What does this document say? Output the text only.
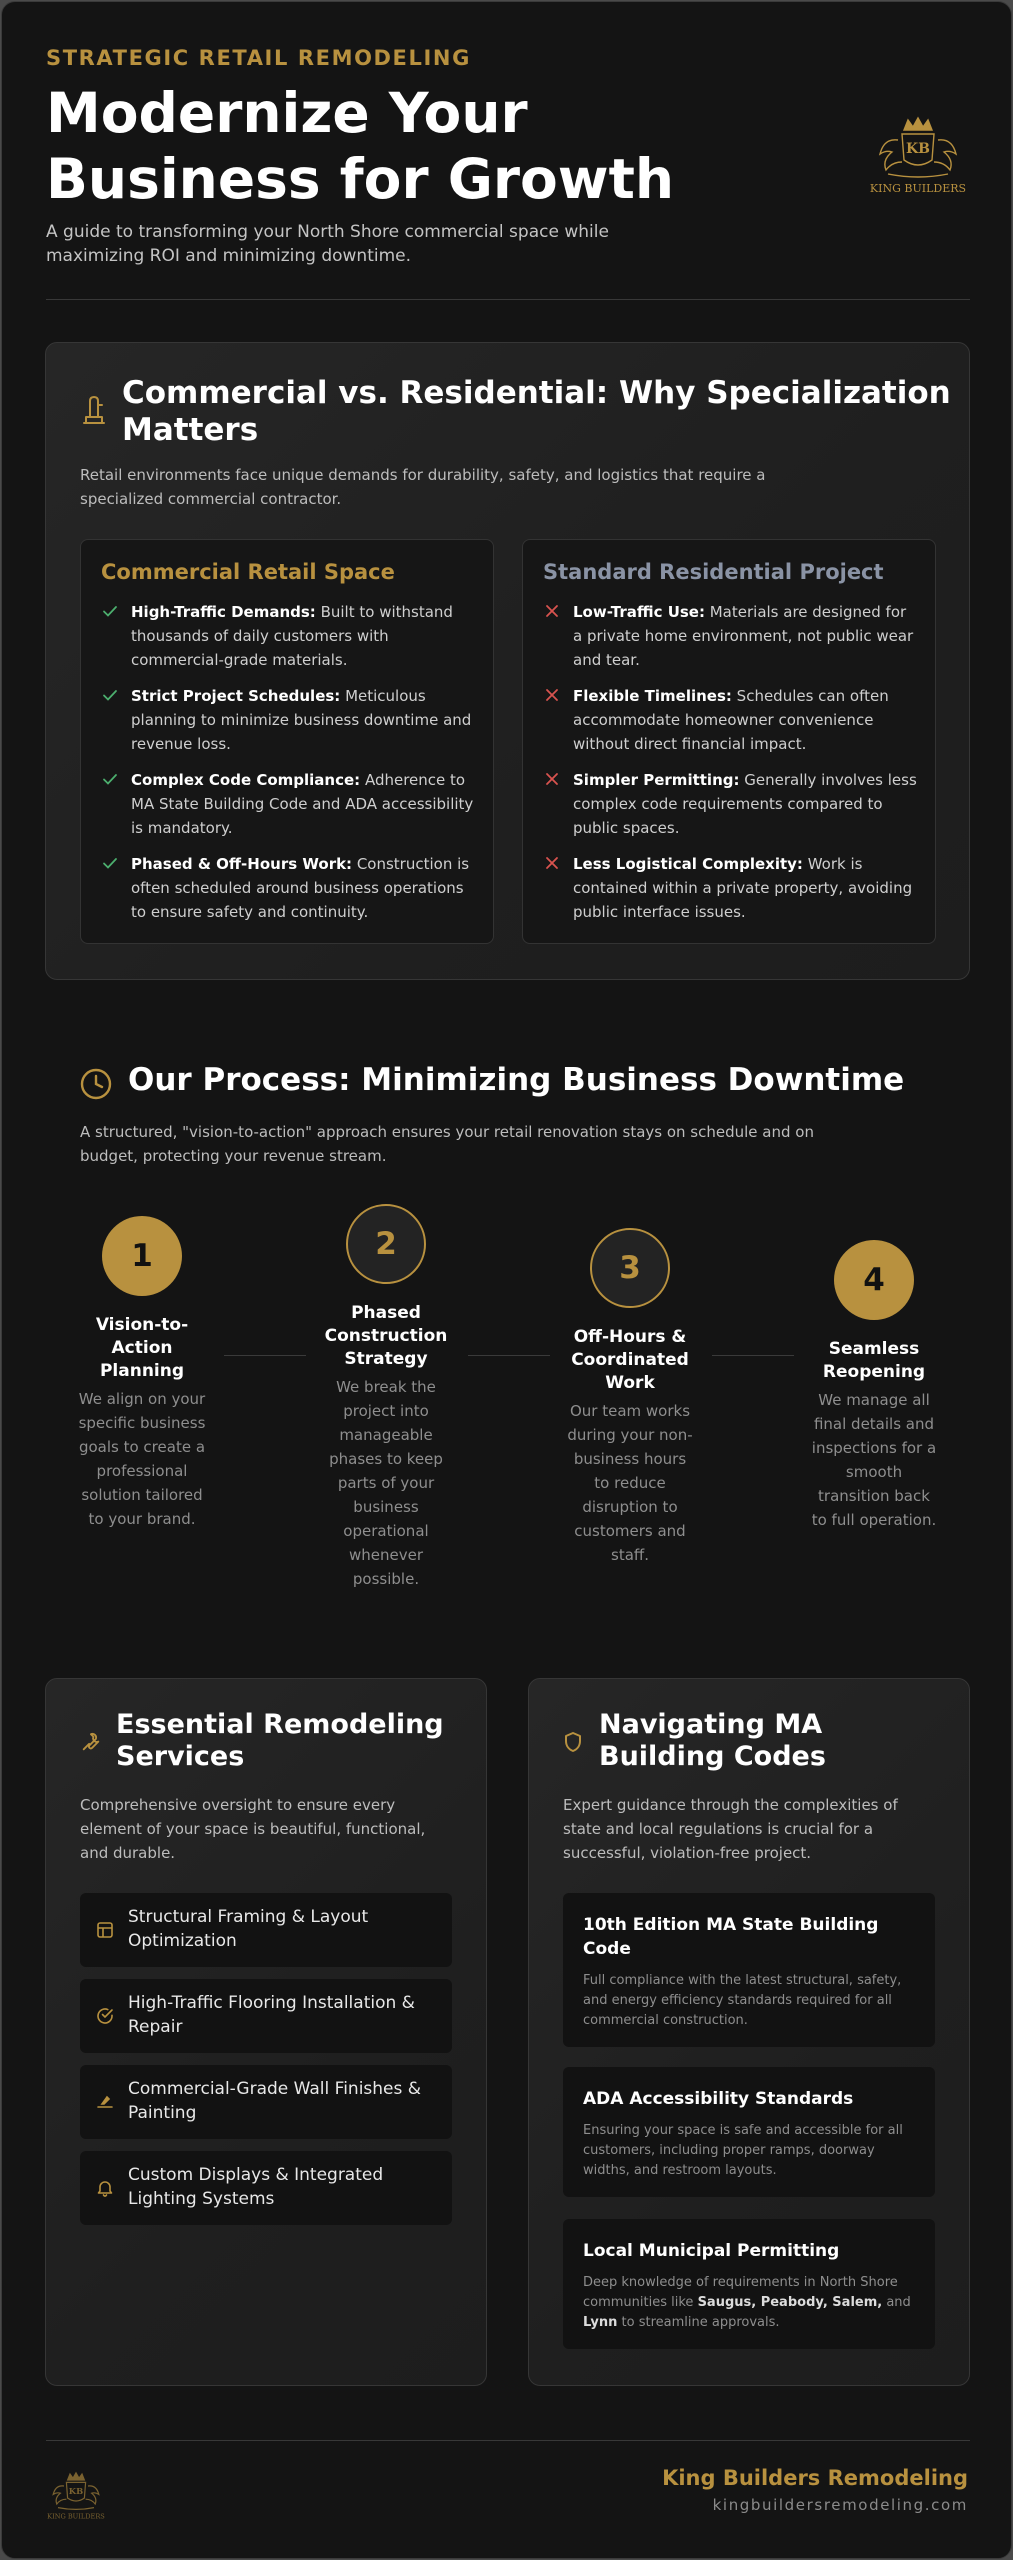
STRATEGIC RETAIL REMODELING
Modernize Your Business for Growth
A guide to transforming your North Shore commercial space while maximizing ROI and minimizing downtime.
KB
KING BUILDERS
Commercial vs. Residential: Why Specialization Matters
Retail environments face unique demands for durability, safety, and logistics that require a specialized commercial contractor.
Commercial Retail Space
High-Traffic Demands: Built to withstand thousands of daily customers with commercial-grade materials.
Strict Project Schedules: Meticulous planning to minimize business downtime and revenue loss.
Complex Code Compliance: Adherence to MA State Building Code and ADA accessibility is mandatory.
Phased & Off-Hours Work: Construction is often scheduled around business operations to ensure safety and continuity.
Standard Residential Project
Low-Traffic Use: Materials are designed for a private home environment, not public wear and tear.
Flexible Timelines: Schedules can often accommodate homeowner convenience without direct financial impact.
Simpler Permitting: Generally involves less complex code requirements compared to public spaces.
Less Logistical Complexity: Work is contained within a private property, avoiding public interface issues.
Our Process: Minimizing Business Downtime
A structured, "vision-to-action" approach ensures your retail renovation stays on schedule and on budget, protecting your revenue stream.
1
Vision-to-Action Planning
We align on your specific business goals to create a professional solution tailored to your brand.
2
Phased Construction Strategy
We break the project into manageable phases to keep parts of your business operational whenever possible.
3
Off-Hours & Coordinated Work
Our team works during your non-business hours to reduce disruption to customers and staff.
4
Seamless Reopening
We manage all final details and inspections for a smooth transition back to full operation.
Essential Remodeling Services
Comprehensive oversight to ensure every element of your space is beautiful, functional, and durable.
Structural Framing & Layout Optimization
High-Traffic Flooring Installation & Repair
Commercial-Grade Wall Finishes & Painting
Custom Displays & Integrated Lighting Systems
Navigating MA Building Codes
Expert guidance through the complexities of state and local regulations is crucial for a successful, violation-free project.
10th Edition MA State Building Code
Full compliance with the latest structural, safety, and energy efficiency standards required for all commercial construction.
ADA Accessibility Standards
Ensuring your space is safe and accessible for all customers, including proper ramps, doorway widths, and restroom layouts.
Local Municipal Permitting
Deep knowledge of requirements in North Shore communities like Saugus, Peabody, Salem, and Lynn to streamline approvals.
KB
KING BUILDERS
King Builders Remodeling
kingbuildersremodeling.com
